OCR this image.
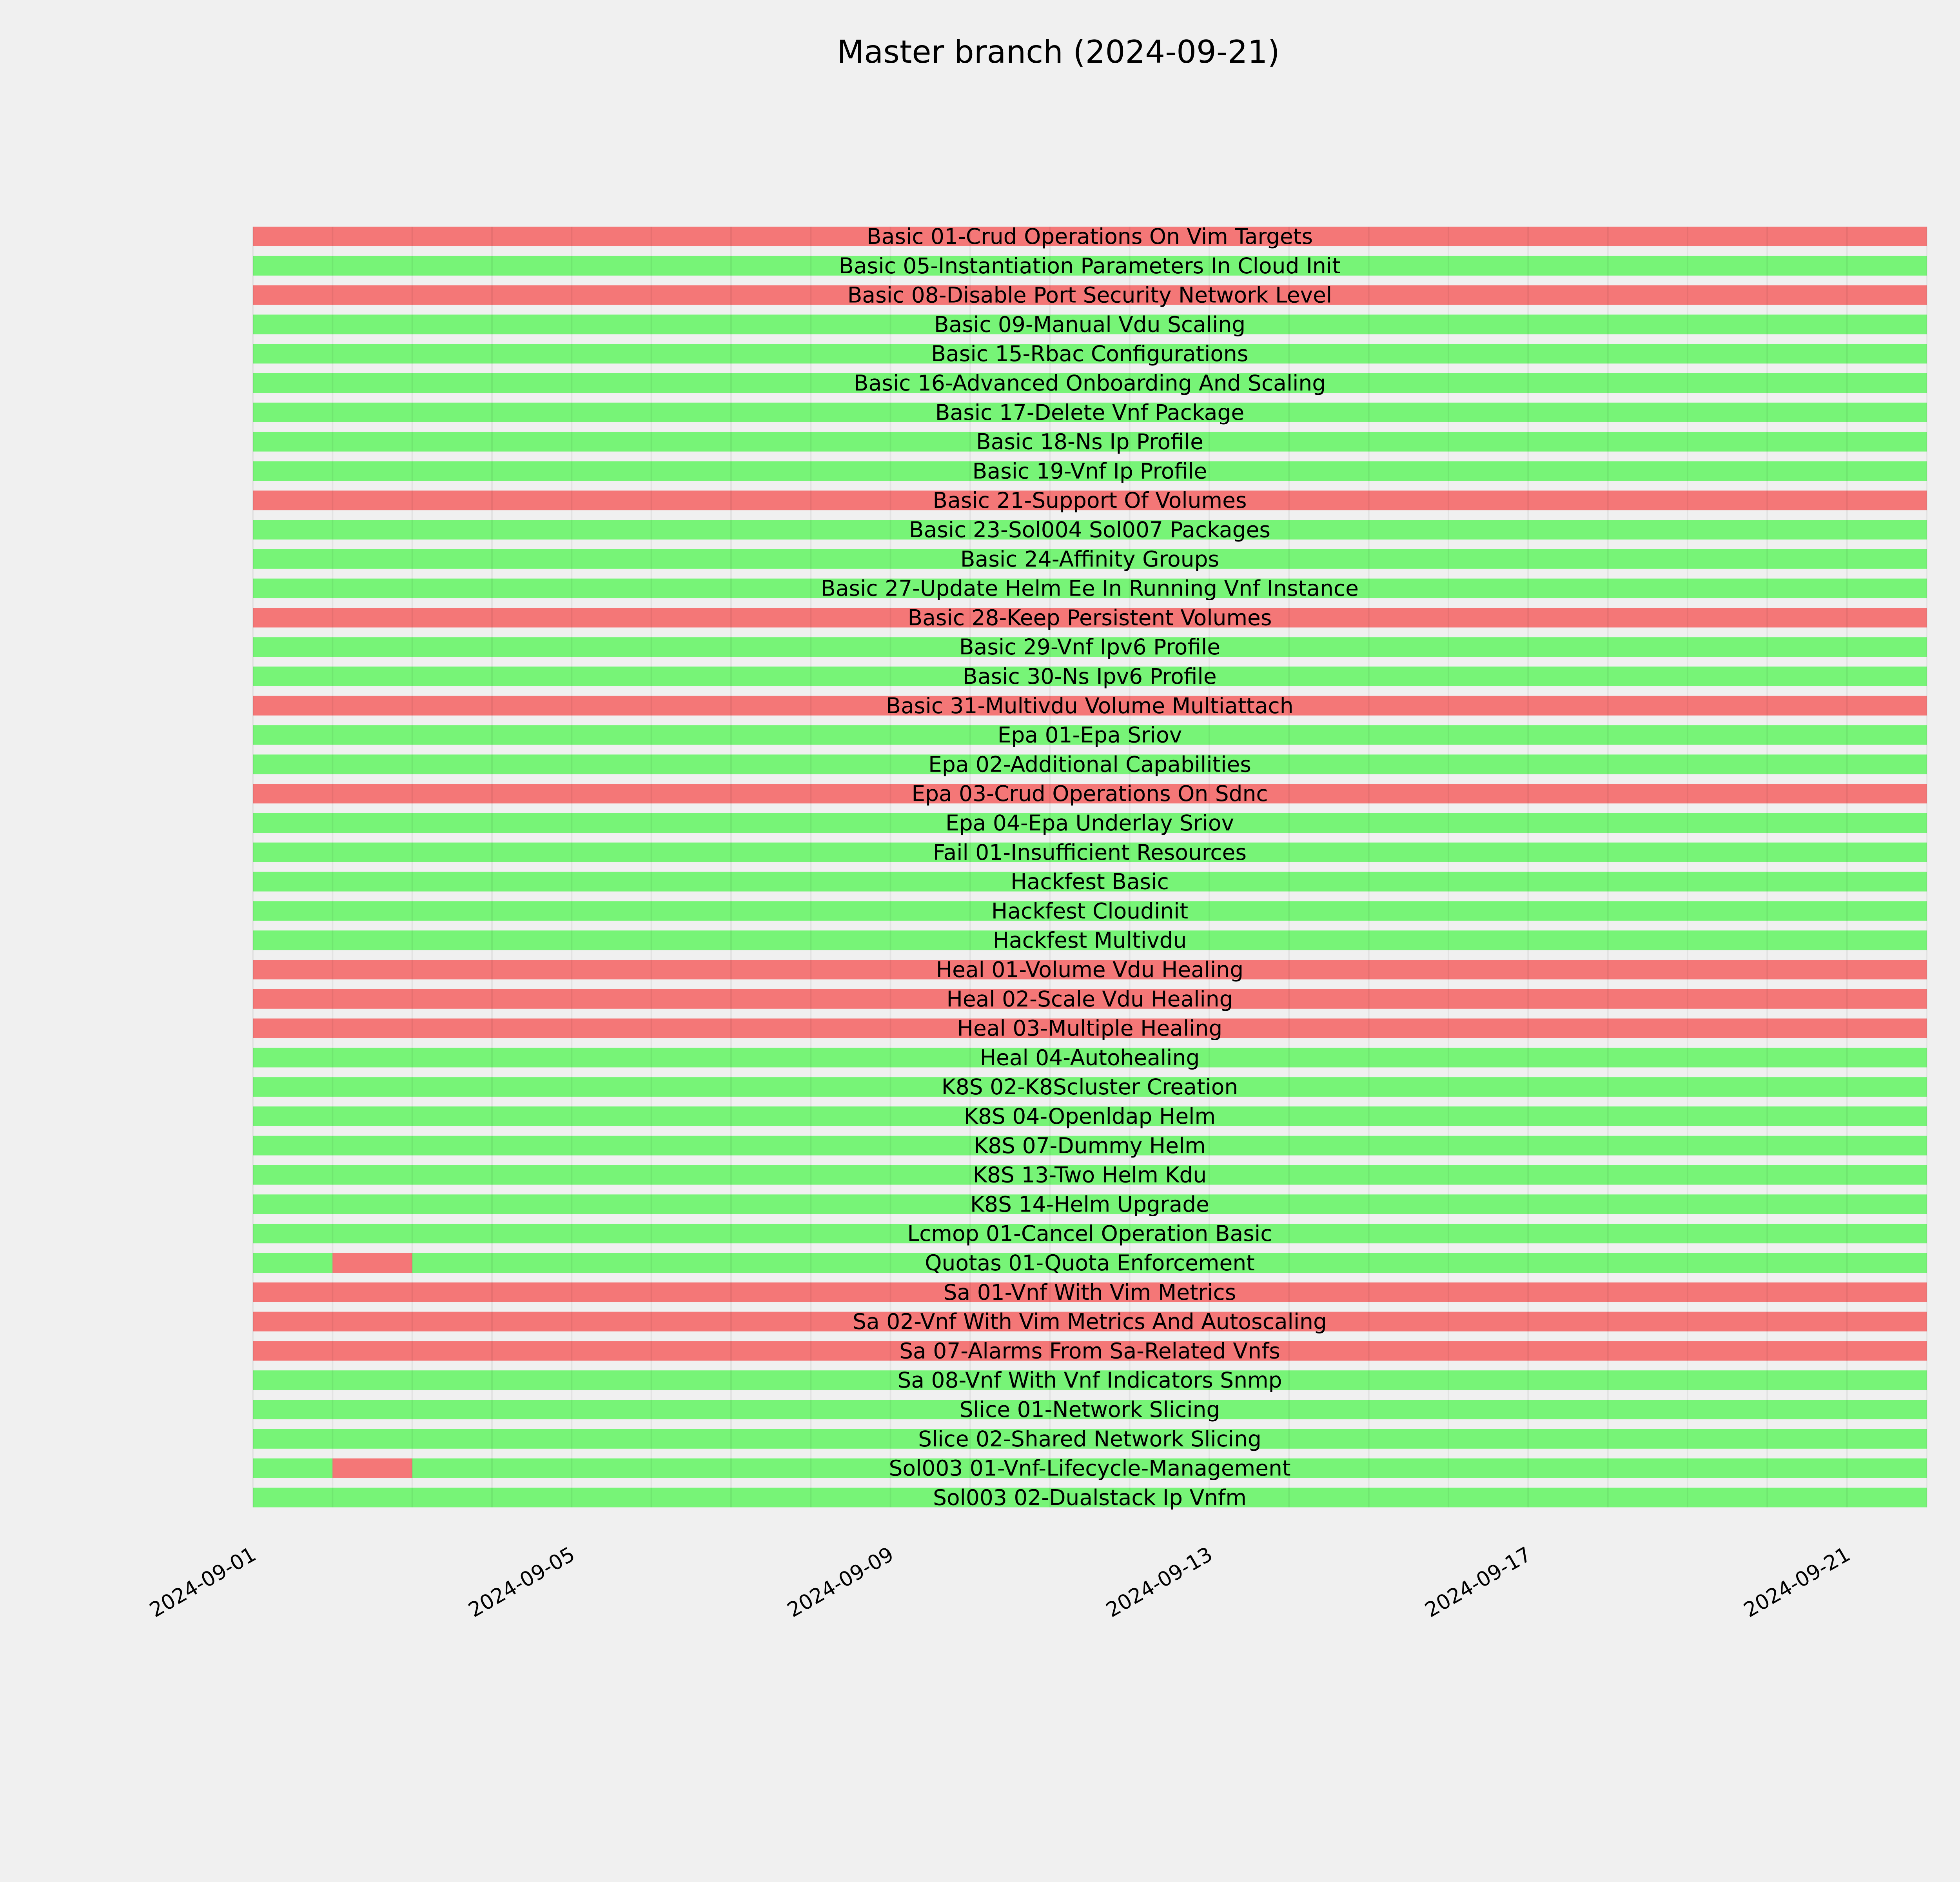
Master branch (2024-09-21)
Basic 01-Crud Operations On Vim Targets
Basic 05-Instantiation Parameters In Cloud Init
Basic 08-Disable Port Security Network Level
Basic 09-Manual Vdu Scaling
Basic 15-Rbac Configurations
Basic 16-Advanced Onboarding And Scaling
Basic 17-Delete Vnf Package
Basic 18-Ns Ip Profile
Basic 19-Vnf Ip Profile
Basic 21-Support Of Volumes
Basic 23-Sol004 Sol007 Packages
Basic 24-Affinity Groups
Basic 27-Update Helm Ee In Running Vnf Instance
Basic 28-Keep Persistent Volumes
Basic 29-Vnf Ipv6 Profile
Basic 30-Ns Ipv6 Profile
Basic 31-Multivdu Volume Multiattach
Epa 01-Epa Sriov
Epa 02-Additional Capabilities
Epa 03-Crud Operations On Sdnc
Epa 04-Epa Underlay Sriov
Fail 01-Insufficient Resources
Hackfest Basic
Hackfest Cloudinit
Hackfest Multivdu
Heal 01-Volume Vdu Healing
Heal 02-Scale Vdu Healing
Heal 03-Multiple Healing
Heal 04-Autohealing
K8S 02-K8Scluster Creation
K8S 04-Openldap Helm
K8S 07-Dummy Helm
K8S 13-Two Helm Kdu
K8S 14-Helm Upgrade
Lcmop 01-Cancel Operation Basic
Quotas 01-Quota Enforcement
Sa 01-Vnf With Vim Metrics
Sa 02-Vnf With Vim Metrics And Autoscaling
Sa 07-Alarms From Sa-Related Vnfs
Sa 08-Vnf With Vnf Indicators Snmp
Slice 01-Network Slicing
Slice 02-Shared Network Slicing
Sol003 01-Vnf-Lifecycle-Management
Sol003 02-Dualstack Ip Vnfm
2024-09-01	2024-09-05	2024-09-09	2024-09-13	2024-09-17	2024-09-21
